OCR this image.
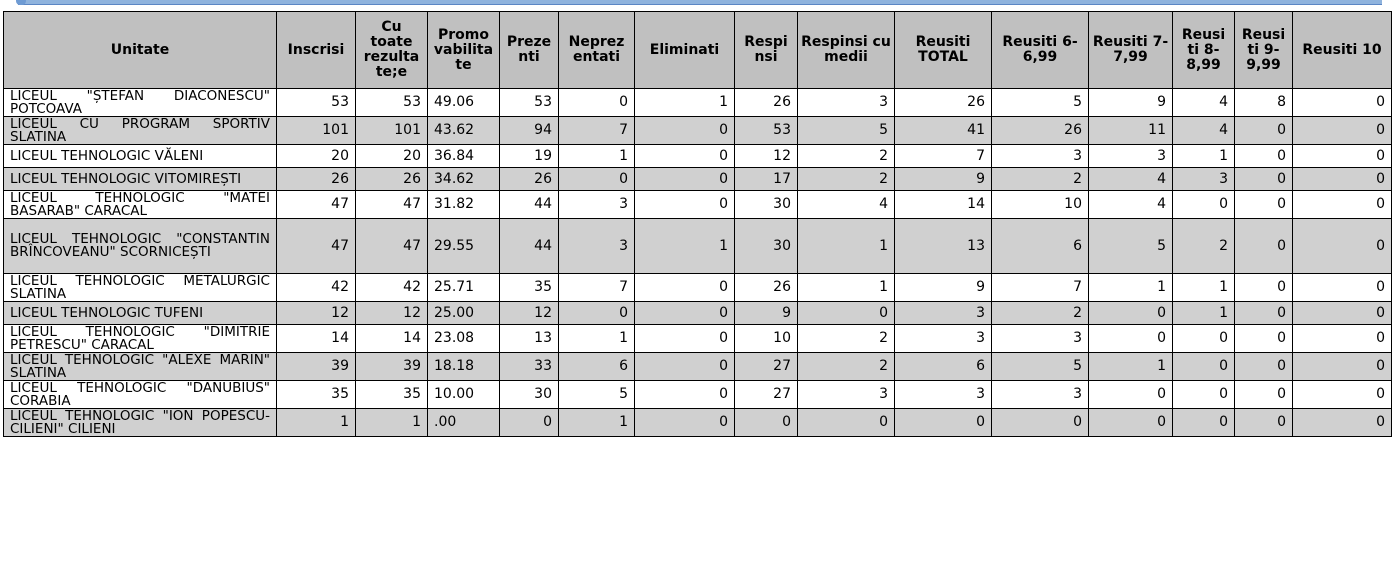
Unitate	Inscrisi	Cu toate rezulta te;e	Promo vabilita te	Preze nti	Neprez entati	Eliminati	Respi nsi	Respinsi cu medii	Reusiti TOTAL	Reusiti 6-6,99	Reusiti 7-7,99	Reusi ti 8-8,99	Reusi ti 9-9,99	Reusiti 10
LICEUL "ȘTEFAN DIACONESCU" POTCOAVA	53	53	49.06	53	0	1	26	3	26	5	9	4	8	0
LICEUL CU PROGRAM SPORTIV SLATINA	101	101	43.62	94	7	0	53	5	41	26	11	4	0	0
LICEUL TEHNOLOGIC VĂLENI	20	20	36.84	19	1	0	12	2	7	3	3	1	0	0
LICEUL TEHNOLOGIC VITOMIREȘTI	26	26	34.62	26	0	0	17	2	9	2	4	3	0	0
LICEUL TEHNOLOGIC "MATEI BASARAB" CARACAL	47	47	31.82	44	3	0	30	4	14	10	4	0	0	0
LICEUL TEHNOLOGIC "CONSTANTIN BRÎNCOVEANU" SCORNICEȘTI	47	47	29.55	44	3	1	30	1	13	6	5	2	0	0
LICEUL TEHNOLOGIC METALURGIC SLATINA	42	42	25.71	35	7	0	26	1	9	7	1	1	0	0
LICEUL TEHNOLOGIC TUFENI	12	12	25.00	12	0	0	9	0	3	2	0	1	0	0
LICEUL TEHNOLOGIC "DIMITRIE PETRESCU" CARACAL	14	14	23.08	13	1	0	10	2	3	3	0	0	0	0
LICEUL TEHNOLOGIC "ALEXE MARIN" SLATINA	39	39	18.18	33	6	0	27	2	6	5	1	0	0	0
LICEUL TEHNOLOGIC "DANUBIUS" CORABIA	35	35	10.00	30	5	0	27	3	3	3	0	0	0	0
LICEUL TEHNOLOGIC "ION POPESCU-CILIENI" CILIENI	1	1	.00	0	1	0	0	0	0	0	0	0	0	0
